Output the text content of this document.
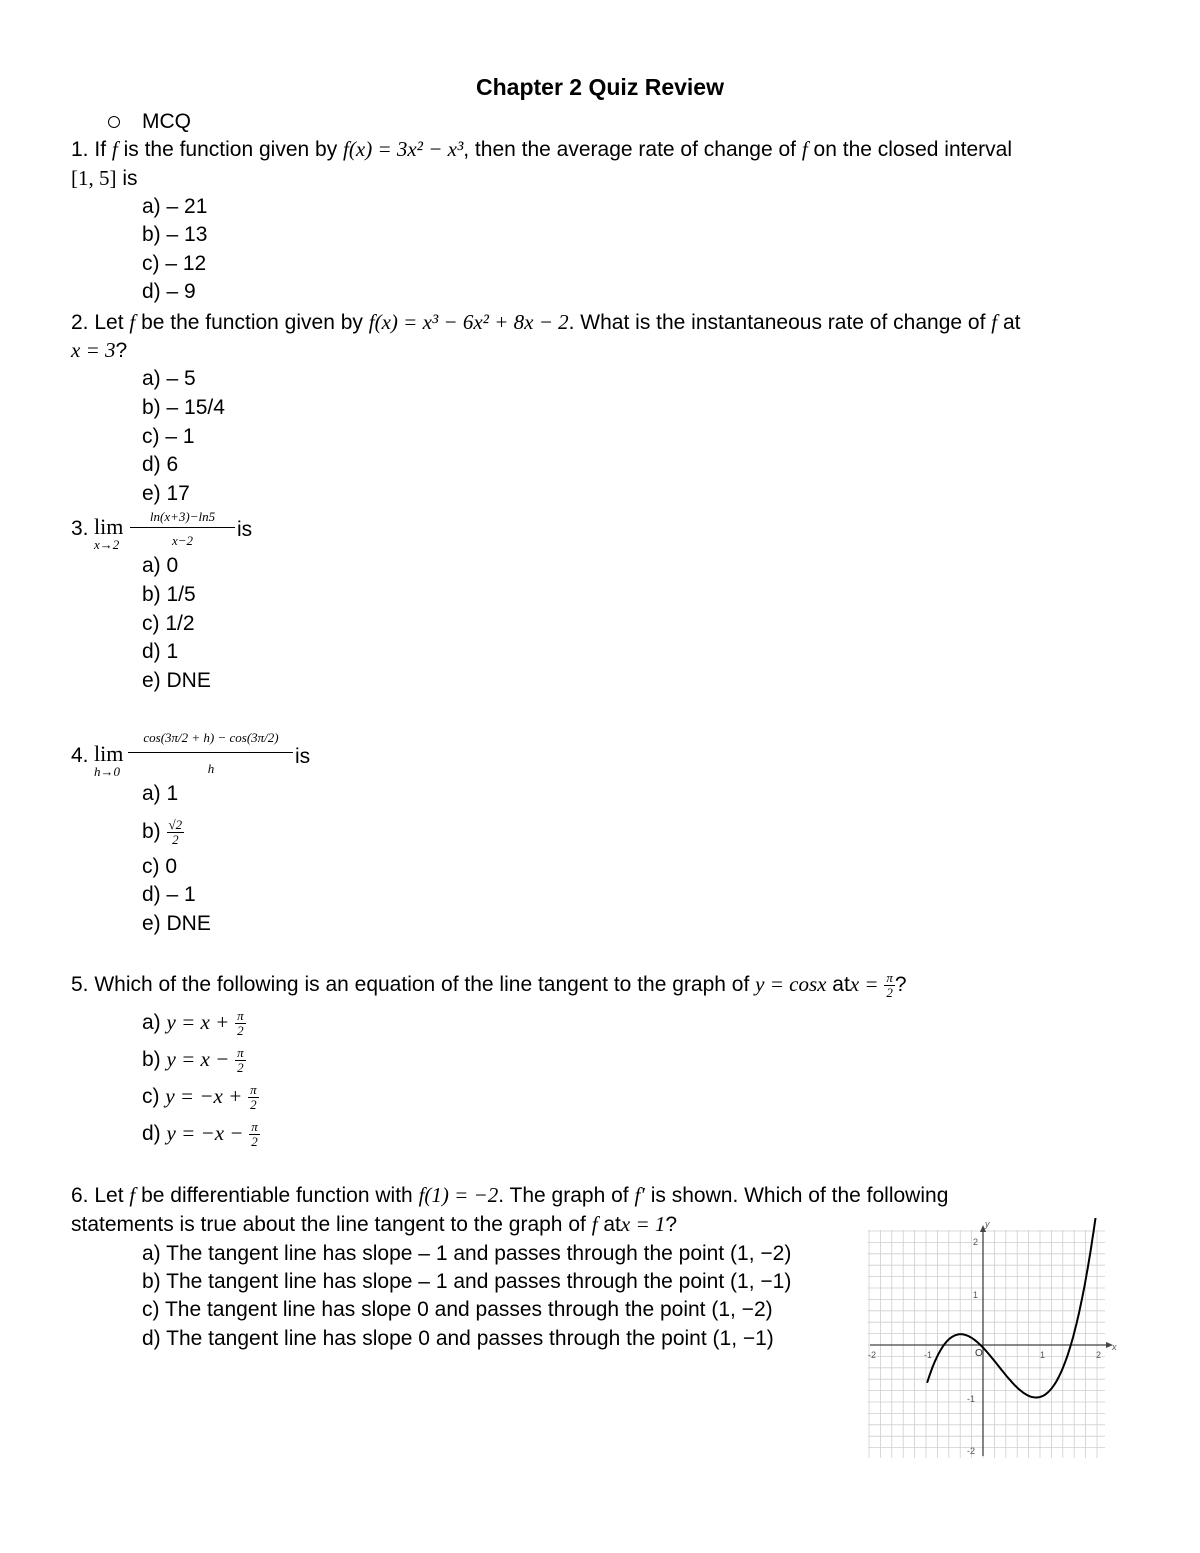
Chapter 2 Quiz Review
MCQ
1. If f is the function given by f(x) = 3x² − x³, then the average rate of change of f on the closed interval
[1, 5] is
a) – 21
b) – 13
c) – 12
d) – 9
2. Let f be the function given by f(x) = x³ − 6x² + 8x − 2. What is the instantaneous rate of change of f at
x = 3?
a) – 5
b) – 15/4
c) – 1
d) 6
e) 17
3. lim
x→2
ln(x+3)−ln5
x−2	is
a) 0
b) 1/5
c) 1/2
d) 1
e) DNE
4. lim
h→0
cos(3π/2 + h) − cos(3π/2)
h
is
a) 1
$b) \frac{√2}{2}$
c) 0
d) – 1
e) DNE
5. Which of the following is an equation of the line tangent to the graph of y = cosx atx = $\frac{\pi}{2}$ ?
a) $y = x + \frac{\pi}{2}$
b) $y = x - \frac{\pi}{2}$
c) $y = -x + \frac{\pi}{2}$
d) $y = -x - \frac{\pi}{2}$
6. Let f be differentiable function with f(1) = −2. The graph of f′ is shown. Which of the following
statements is true about the line tangent to the graph of f atx = 1?
a) The tangent line has slope – 1 and passes through the point (1, −2)
b) The tangent line has slope – 1 and passes through the point (1, −1)
c) The tangent line has slope 0 and passes through the point (1, −2)
d) The tangent line has slope 0 and passes through the point (1, −1)	x
y
O
-2	-1	1	2
2
1
-1
-2
